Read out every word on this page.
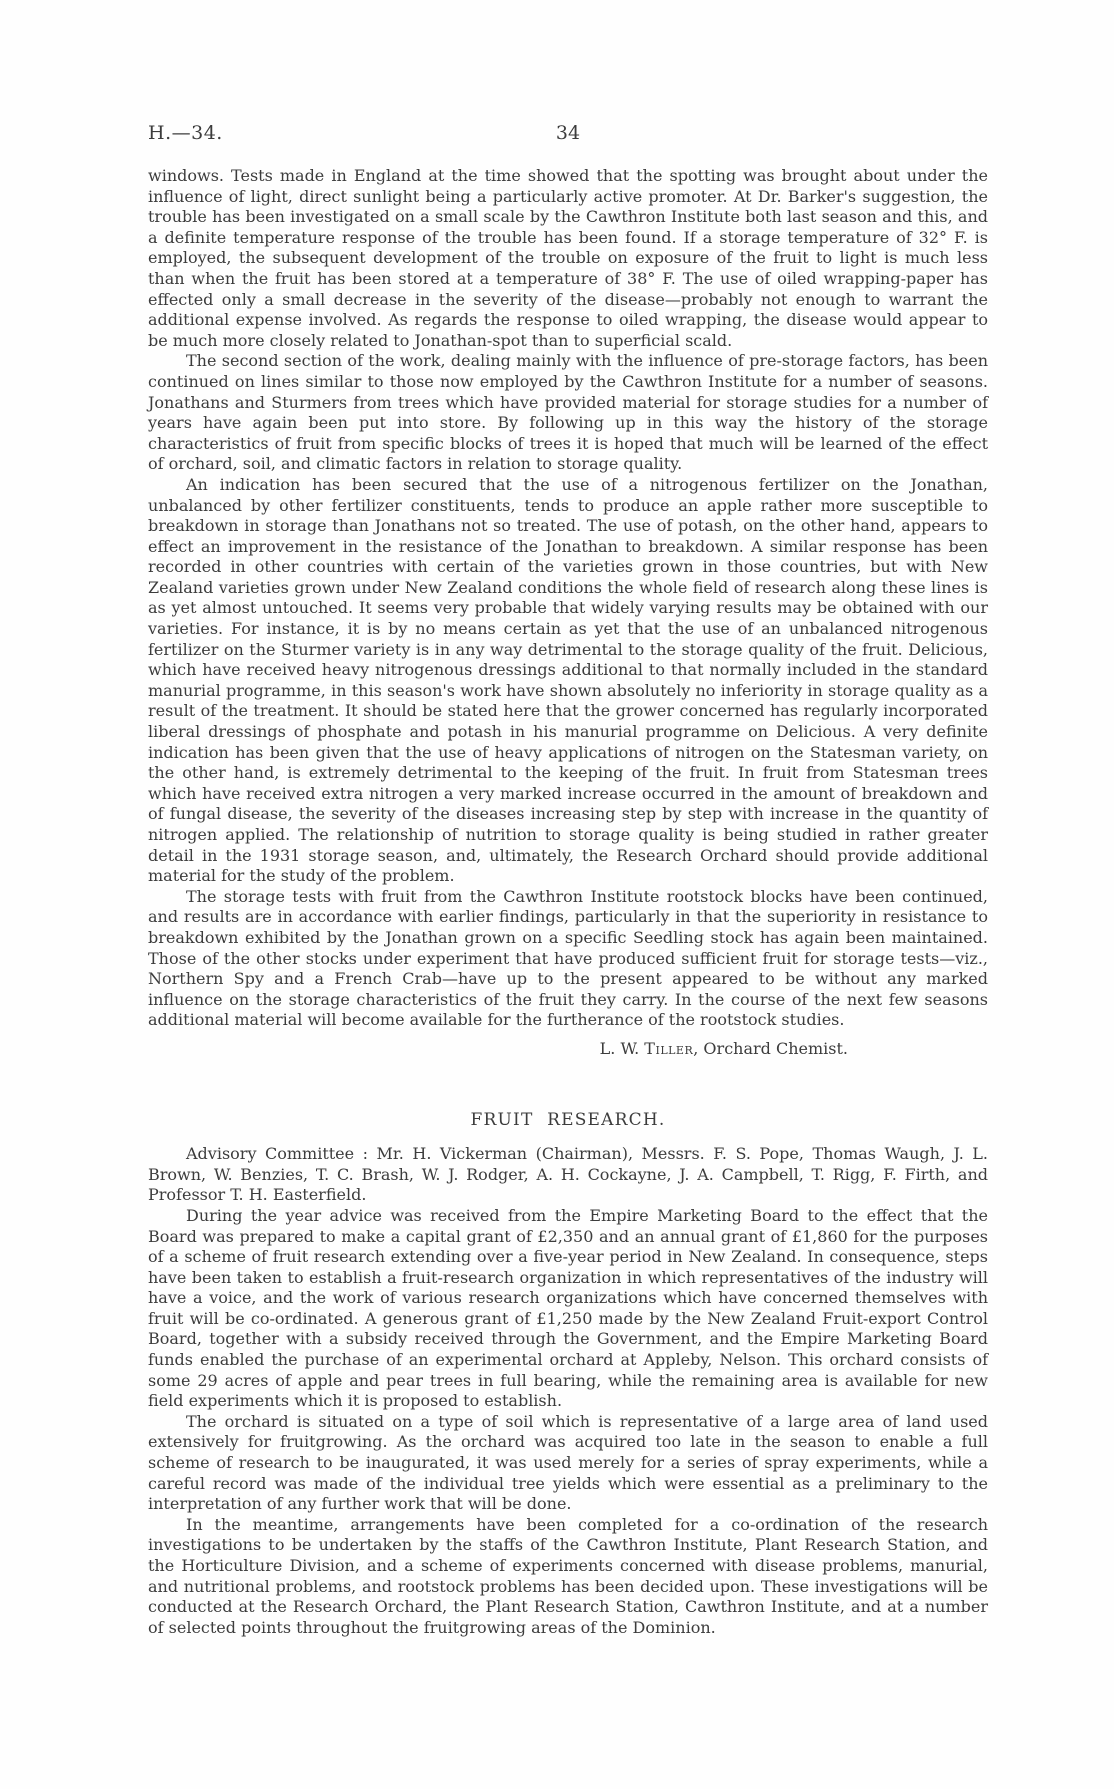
H.—34.	34

windows. Tests made in England at the time showed that the spotting was brought about under the influence of light, direct sunlight being a particularly active promoter. At Dr. Barker's suggestion, the trouble has been investigated on a small scale by the Cawthron Institute both last season and this, and a definite temperature response of the trouble has been found. If a storage temperature of 32° F. is employed, the subsequent development of the trouble on exposure of the fruit to light is much less than when the fruit has been stored at a temperature of 38° F. The use of oiled wrapping-paper has effected only a small decrease in the severity of the disease—probably not enough to warrant the additional expense involved. As regards the response to oiled wrapping, the disease would appear to be much more closely related to Jonathan-spot than to superficial scald.

The second section of the work, dealing mainly with the influence of pre-storage factors, has been continued on lines similar to those now employed by the Cawthron Institute for a number of seasons. Jonathans and Sturmers from trees which have provided material for storage studies for a number of years have again been put into store. By following up in this way the history of the storage characteristics of fruit from specific blocks of trees it is hoped that much will be learned of the effect of orchard, soil, and climatic factors in relation to storage quality.

An indication has been secured that the use of a nitrogenous fertilizer on the Jonathan, unbalanced by other fertilizer constituents, tends to produce an apple rather more susceptible to breakdown in storage than Jonathans not so treated. The use of potash, on the other hand, appears to effect an improvement in the resistance of the Jonathan to breakdown. A similar response has been recorded in other countries with certain of the varieties grown in those countries, but with New Zealand varieties grown under New Zealand conditions the whole field of research along these lines is as yet almost untouched. It seems very probable that widely varying results may be obtained with our varieties. For instance, it is by no means certain as yet that the use of an unbalanced nitrogenous fertilizer on the Sturmer variety is in any way detrimental to the storage quality of the fruit. Delicious, which have received heavy nitrogenous dressings additional to that normally included in the standard manurial programme, in this season's work have shown absolutely no inferiority in storage quality as a result of the treatment. It should be stated here that the grower concerned has regularly incorporated liberal dressings of phosphate and potash in his manurial programme on Delicious. A very definite indication has been given that the use of heavy applications of nitrogen on the Statesman variety, on the other hand, is extremely detrimental to the keeping of the fruit. In fruit from Statesman trees which have received extra nitrogen a very marked increase occurred in the amount of breakdown and of fungal disease, the severity of the diseases increasing step by step with increase in the quantity of nitrogen applied. The relationship of nutrition to storage quality is being studied in rather greater detail in the 1931 storage season, and, ultimately, the Research Orchard should provide additional material for the study of the problem.

The storage tests with fruit from the Cawthron Institute rootstock blocks have been continued, and results are in accordance with earlier findings, particularly in that the superiority in resistance to breakdown exhibited by the Jonathan grown on a specific Seedling stock has again been maintained. Those of the other stocks under experiment that have produced sufficient fruit for storage tests—viz., Northern Spy and a French Crab—have up to the present appeared to be without any marked influence on the storage characteristics of the fruit they carry. In the course of the next few seasons additional material will become available for the furtherance of the rootstock studies.

L. W. Tiller, Orchard Chemist.

FRUIT RESEARCH.

Advisory Committee : Mr. H. Vickerman (Chairman), Messrs. F. S. Pope, Thomas Waugh, J. L. Brown, W. Benzies, T. C. Brash, W. J. Rodger, A. H. Cockayne, J. A. Campbell, T. Rigg, F. Firth, and Professor T. H. Easterfield.

During the year advice was received from the Empire Marketing Board to the effect that the Board was prepared to make a capital grant of £2,350 and an annual grant of £1,860 for the purposes of a scheme of fruit research extending over a five-year period in New Zealand. In consequence, steps have been taken to establish a fruit-research organization in which representatives of the industry will have a voice, and the work of various research organizations which have concerned themselves with fruit will be co-ordinated. A generous grant of £1,250 made by the New Zealand Fruit-export Control Board, together with a subsidy received through the Government, and the Empire Marketing Board funds enabled the purchase of an experimental orchard at Appleby, Nelson. This orchard consists of some 29 acres of apple and pear trees in full bearing, while the remaining area is available for new field experiments which it is proposed to establish.

The orchard is situated on a type of soil which is representative of a large area of land used extensively for fruitgrowing. As the orchard was acquired too late in the season to enable a full scheme of research to be inaugurated, it was used merely for a series of spray experiments, while a careful record was made of the individual tree yields which were essential as a preliminary to the interpretation of any further work that will be done.

In the meantime, arrangements have been completed for a co-ordination of the research investigations to be undertaken by the staffs of the Cawthron Institute, Plant Research Station, and the Horticulture Division, and a scheme of experiments concerned with disease problems, manurial, and nutritional problems, and rootstock problems has been decided upon. These investigations will be conducted at the Research Orchard, the Plant Research Station, Cawthron Institute, and at a number of selected points throughout the fruitgrowing areas of the Dominion.
